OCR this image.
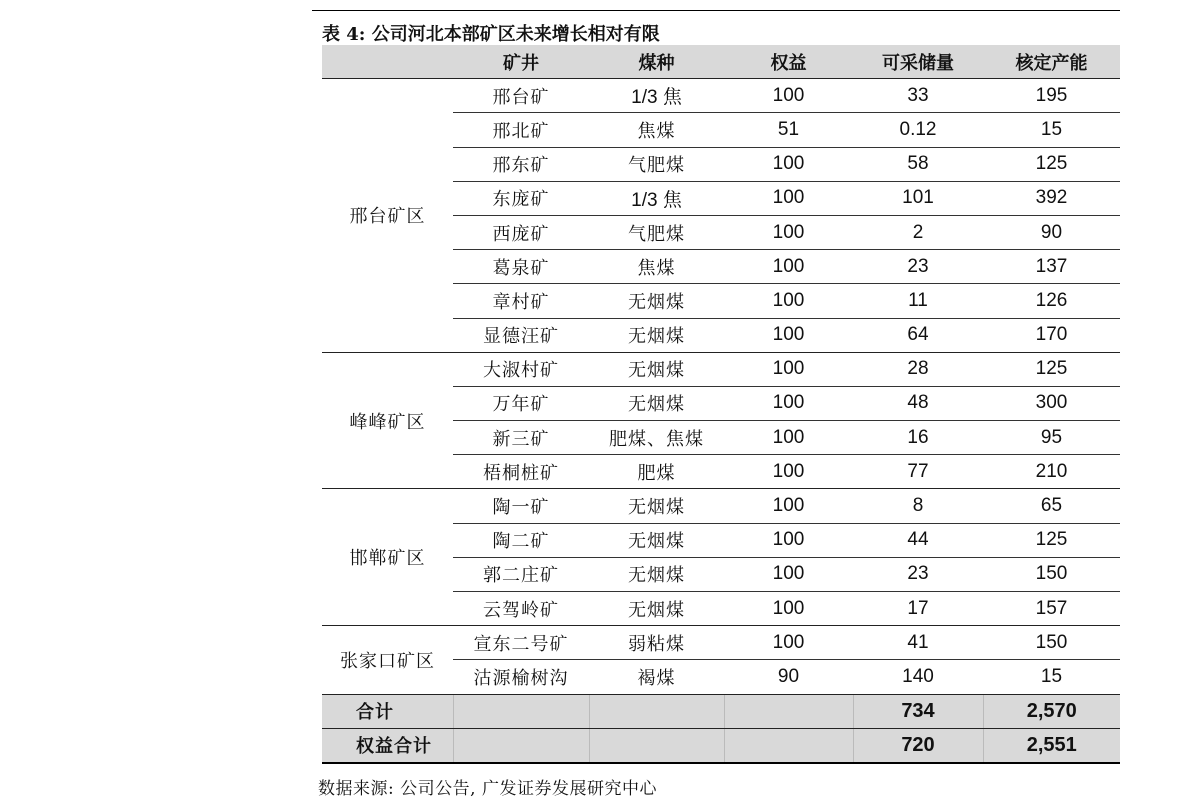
表 4: 公司河北本部矿区未来增长相对有限
	矿井	煤种	权益	可采储量	核定产能
邢台矿区	邢台矿	1/3 焦	100	33	195
	邢北矿	焦煤	51	0.12	15
	邢东矿	气肥煤	100	58	125
	东庞矿	1/3 焦	100	101	392
	西庞矿	气肥煤	100	2	90
	葛泉矿	焦煤	100	23	137
	章村矿	无烟煤	100	11	126
	显德汪矿	无烟煤	100	64	170
峰峰矿区	大淑村矿	无烟煤	100	28	125
	万年矿	无烟煤	100	48	300
	新三矿	肥煤、焦煤	100	16	95
	梧桐桩矿	肥煤	100	77	210
邯郸矿区	陶一矿	无烟煤	100	8	65
	陶二矿	无烟煤	100	44	125
	郭二庄矿	无烟煤	100	23	150
	云驾岭矿	无烟煤	100	17	157
张家口矿区	宣东二号矿	弱粘煤	100	41	150
	沽源榆树沟	褐煤	90	140	15
合计				734	2,570
权益合计				720	2,551
数据来源: 公司公告, 广发证券发展研究中心
